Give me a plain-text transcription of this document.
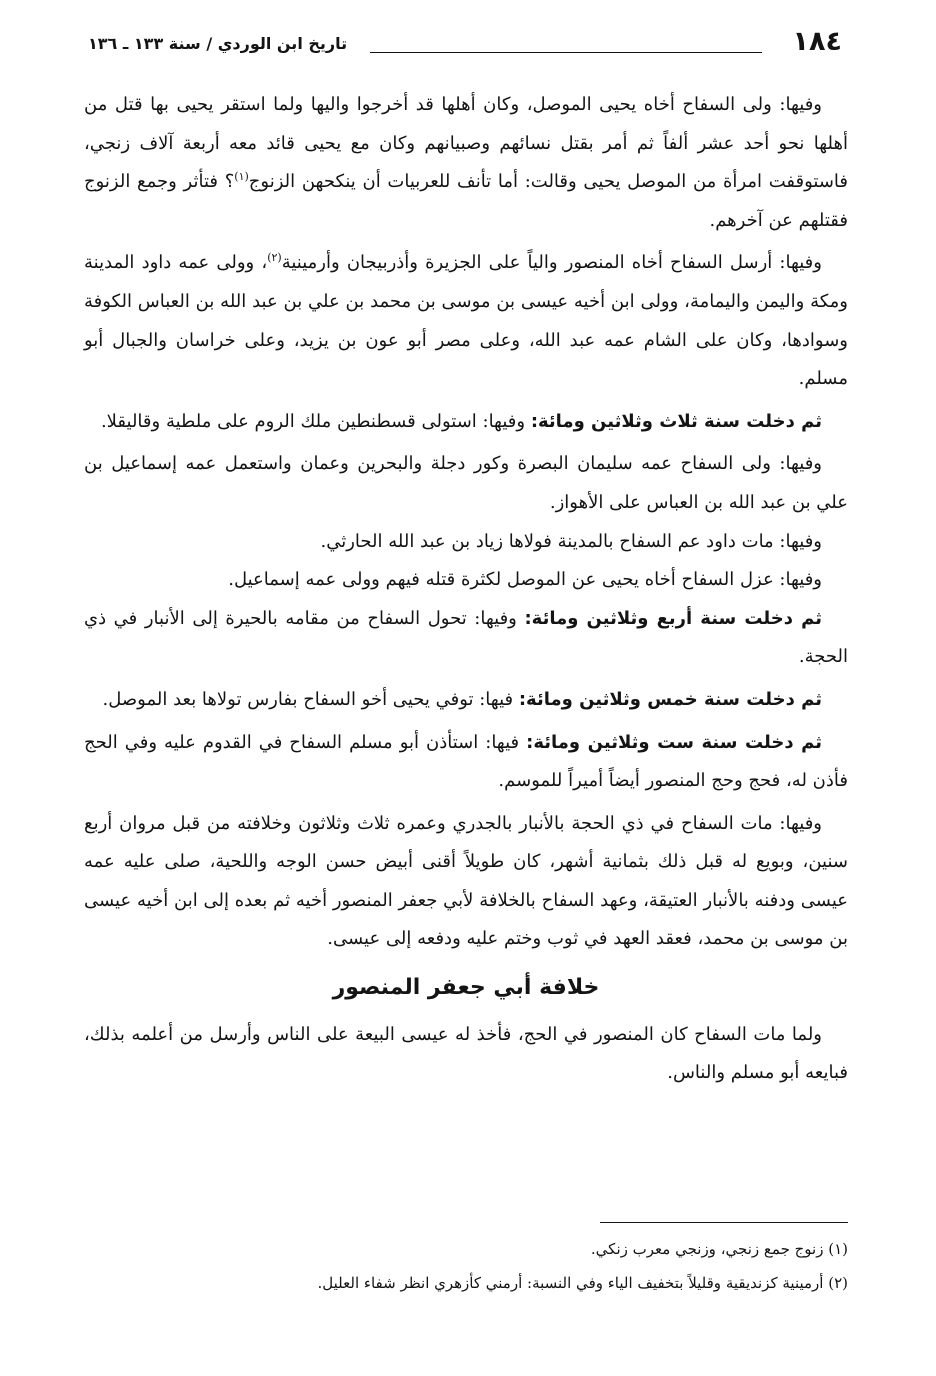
١٨٤
تاريخ ابن الوردي / سنة ١٣٣ ـ ١٣٦

وفيها: ولى السفاح أخاه يحيى الموصل، وكان أهلها قد أخرجوا واليها ولما استقر يحيى بها قتل من أهلها نحو أحد عشر ألفاً ثم أمر بقتل نسائهم وصبيانهم وكان مع يحيى قائد معه أربعة آلاف زنجي، فاستوقفت امرأة من الموصل يحيى وقالت: أما تأنف للعربيات أن ينكحهن الزنوج$^{(١)}$؟ فتأثر وجمع الزنوج فقتلهم عن آخرهم.

وفيها: أرسل السفاح أخاه المنصور والياً على الجزيرة وأذربيجان وأرمينية$^{(٢)}$، وولى عمه داود المدينة ومكة واليمن واليمامة، وولى ابن أخيه عيسى بن موسى بن محمد بن علي بن عبد الله بن العباس الكوفة وسوادها، وكان على الشام عمه عبد الله، وعلى مصر أبو عون بن يزيد، وعلى خراسان والجبال أبو مسلم.

ثم دخلت سنة ثلاث وثلاثين ومائة: وفيها: استولى قسطنطين ملك الروم على ملطية وقاليقلا.

وفيها: ولى السفاح عمه سليمان البصرة وكور دجلة والبحرين وعمان واستعمل عمه إسماعيل بن علي بن عبد الله بن العباس على الأهواز.

وفيها: مات داود عم السفاح بالمدينة فولاها زياد بن عبد الله الحارثي.

وفيها: عزل السفاح أخاه يحيى عن الموصل لكثرة قتله فيهم وولى عمه إسماعيل.

ثم دخلت سنة أربع وثلاثين ومائة: وفيها: تحول السفاح من مقامه بالحيرة إلى الأنبار في ذي الحجة.

ثم دخلت سنة خمس وثلاثين ومائة: فيها: توفي يحيى أخو السفاح بفارس تولاها بعد الموصل.

ثم دخلت سنة ست وثلاثين ومائة: فيها: استأذن أبو مسلم السفاح في القدوم عليه وفي الحج فأذن له، فحج وحج المنصور أيضاً أميراً للموسم.

وفيها: مات السفاح في ذي الحجة بالأنبار بالجدري وعمره ثلاث وثلاثون وخلافته من قبل مروان أربع سنين، وبويع له قبل ذلك بثمانية أشهر، كان طويلاً أقنى أبيض حسن الوجه واللحية، صلى عليه عمه عيسى ودفنه بالأنبار العتيقة، وعهد السفاح بالخلافة لأبي جعفر المنصور أخيه ثم بعده إلى ابن أخيه عيسى بن موسى بن محمد، فعقد العهد في ثوب وختم عليه ودفعه إلى عيسى.

خلافة أبي جعفر المنصور

ولما مات السفاح كان المنصور في الحج، فأخذ له عيسى البيعة على الناس وأرسل من أعلمه بذلك، فبايعه أبو مسلم والناس.

(١) زنوج جمع زنجي، وزنجي معرب زنكي.

(٢) أرمينية كزنديقية وقليلاً بتخفيف الياء وفي النسبة: أرمني كأزهري انظر شفاء العليل.
